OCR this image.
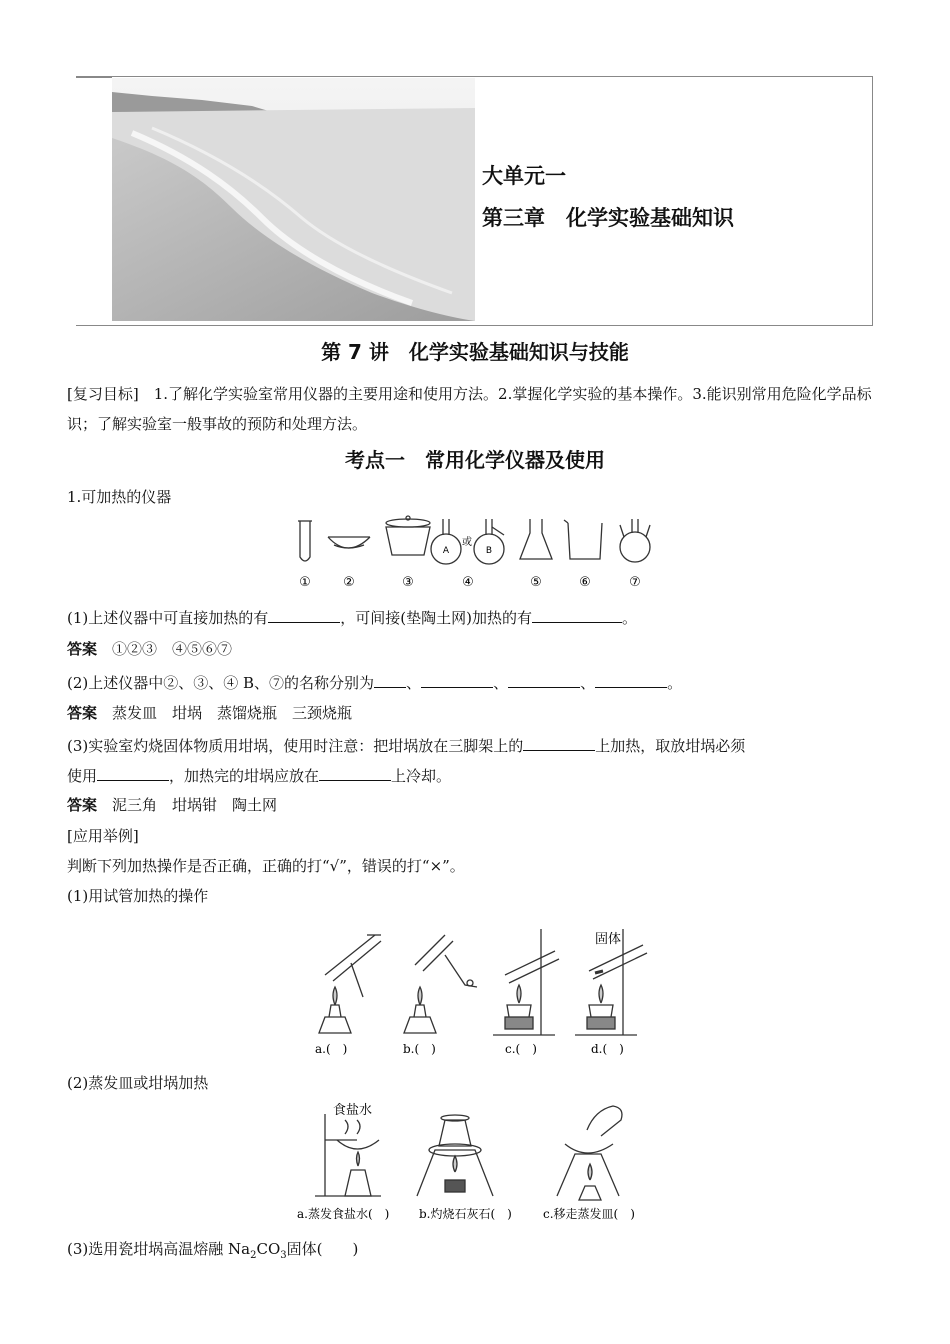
大单元一
第三章　化学实验基础知识
第 7 讲　化学实验基础知识与技能
[复习目标]　 1.了解化学实验室常用仪器的主要用途和使用方法。2.掌握化学实验的基本操作。3.能识别常用危险化学品标识；了解实验室一般事故的预防和处理方法。
考点一　常用化学仪器及使用
1.可加热的仪器
A
或
B
① ②	③	④	⑤	⑥	⑦
(1)上述仪器中可直接加热的有	，可间接(垫陶土网)加热的有	。
答案　 ①②③　④⑤⑥⑦
(2)上述仪器中②、③、④ B、⑦的名称分别为 、	、	、	。
答案　 蒸发皿　坩埚　蒸馏烧瓶　三颈烧瓶
(3)实验室灼烧固体物质用坩埚，使用时注意：把坩埚放在三脚架上的	上加热，取放坩埚必须
使用	，加热完的坩埚应放在	上冷却。
答案　 泥三角　坩埚钳　陶土网
[应用举例]
判断下列加热操作是否正确，正确的打“√”，错误的打“×”。
(1)用试管加热的操作
固体
a.(　)	b.(　)	c.(　)	d.(　)
(2)蒸发皿或坩埚加热
食盐水
a.蒸发食盐水(　) b.灼烧石灰石(　)	c.移走蒸发皿(　)
(3)选用瓷坩埚高温熔融 $Na_2CO_3$固体(　　)
